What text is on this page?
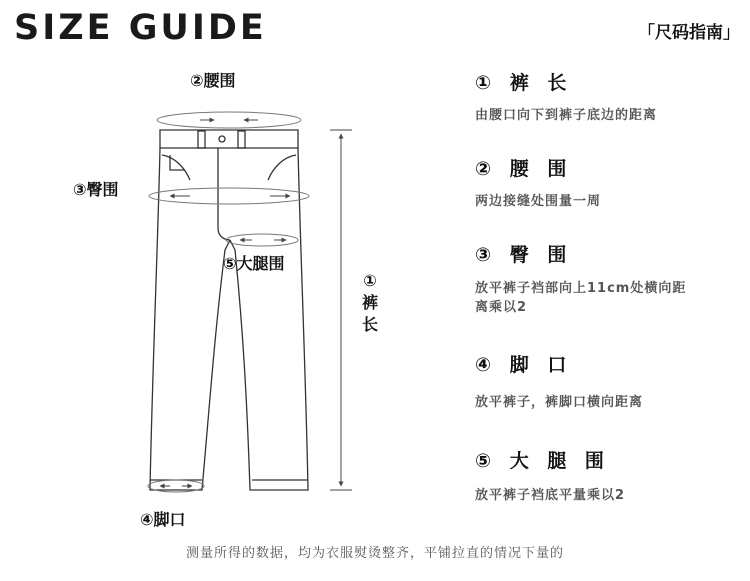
SIZE GUIDE	「尺码指南」
②腰围
③臀围
⑤大腿围
①
裤
长
④脚口
① 裤 长
由腰口向下到裤子底边的距离
② 腰 围
两边接缝处围量一周
③ 臀 围
放平裤子裆部向上11cm处横向距离乘以2
④ 脚 口
放平裤子，裤脚口横向距离
⑤ 大 腿 围
放平裤子裆底平量乘以2
测量所得的数据，均为衣服熨烫整齐，平铺拉直的情况下量的
